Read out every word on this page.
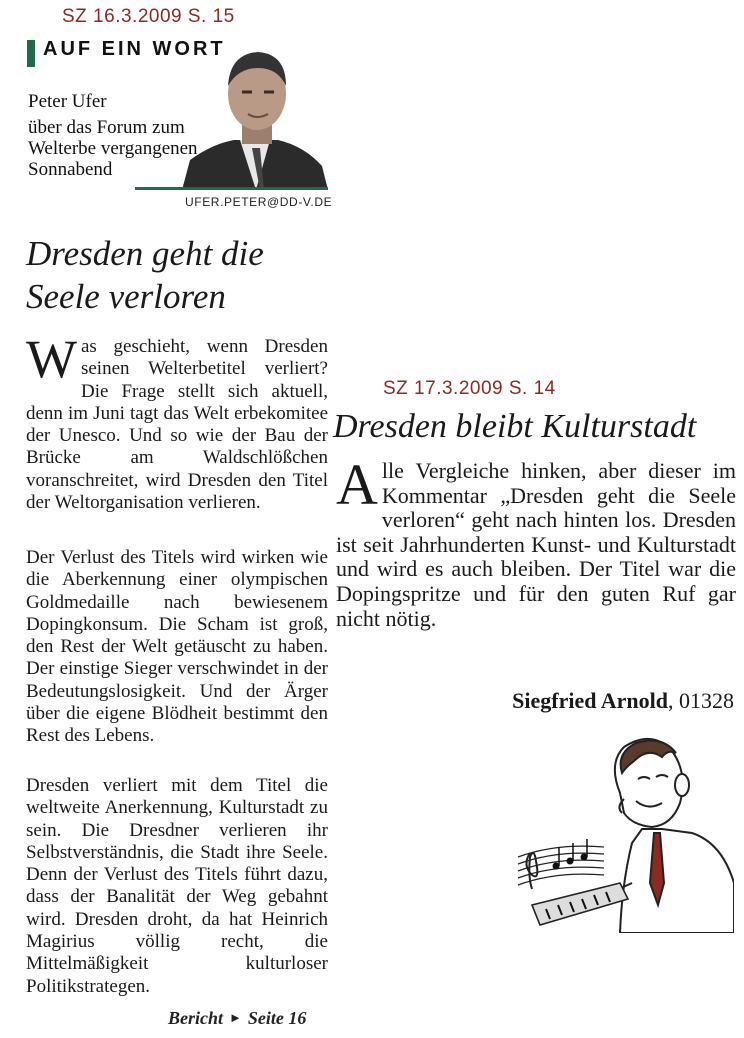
SZ 16.3.2009 S. 15
AUF EIN WORT
Peter Ufer
über das Forum zum Welterbe vergangenen Sonnabend
UFER.PETER@DD-V.DE
Dresden geht die Seele verloren
Was geschieht, wenn Dresden seinen Welterbetitel verliert? Die Frage stellt sich aktuell, denn im Juni tagt das Welt erbekomitee der Unesco. Und so wie der Bau der Brücke am Waldschlößchen voranschreitet, wird Dresden den Titel der Weltorganisation verlieren.
Der Verlust des Titels wird wirken wie die Aberkennung einer olympischen Goldmedaille nach bewiesenem Dopingkonsum. Die Scham ist groß, den Rest der Welt getäuscht zu haben. Der einstige Sieger verschwindet in der Bedeutungslosigkeit. Und der Ärger über die eigene Blödheit bestimmt den Rest des Lebens.
Dresden verliert mit dem Titel die weltweite Anerkennung, Kulturstadt zu sein. Die Dresdner verlieren ihr Selbstverständnis, die Stadt ihre Seele. Denn der Verlust des Titels führt dazu, dass der Banalität der Weg gebahnt wird. Dresden droht, da hat Heinrich Magirius völlig recht, die Mittelmäßigkeit kulturloser Politikstrategen.
Bericht ► Seite 16
SZ 17.3.2009 S. 14
Dresden bleibt Kulturstadt
Alle Vergleiche hinken, aber dieser im Kommentar „Dresden geht die Seele verloren“ geht nach hinten los. Dresden ist seit Jahrhunderten Kunst- und Kulturstadt und wird es auch bleiben. Der Titel war die Dopingspritze und für den guten Ruf gar nicht nötig.
Siegfried Arnold, 01328
